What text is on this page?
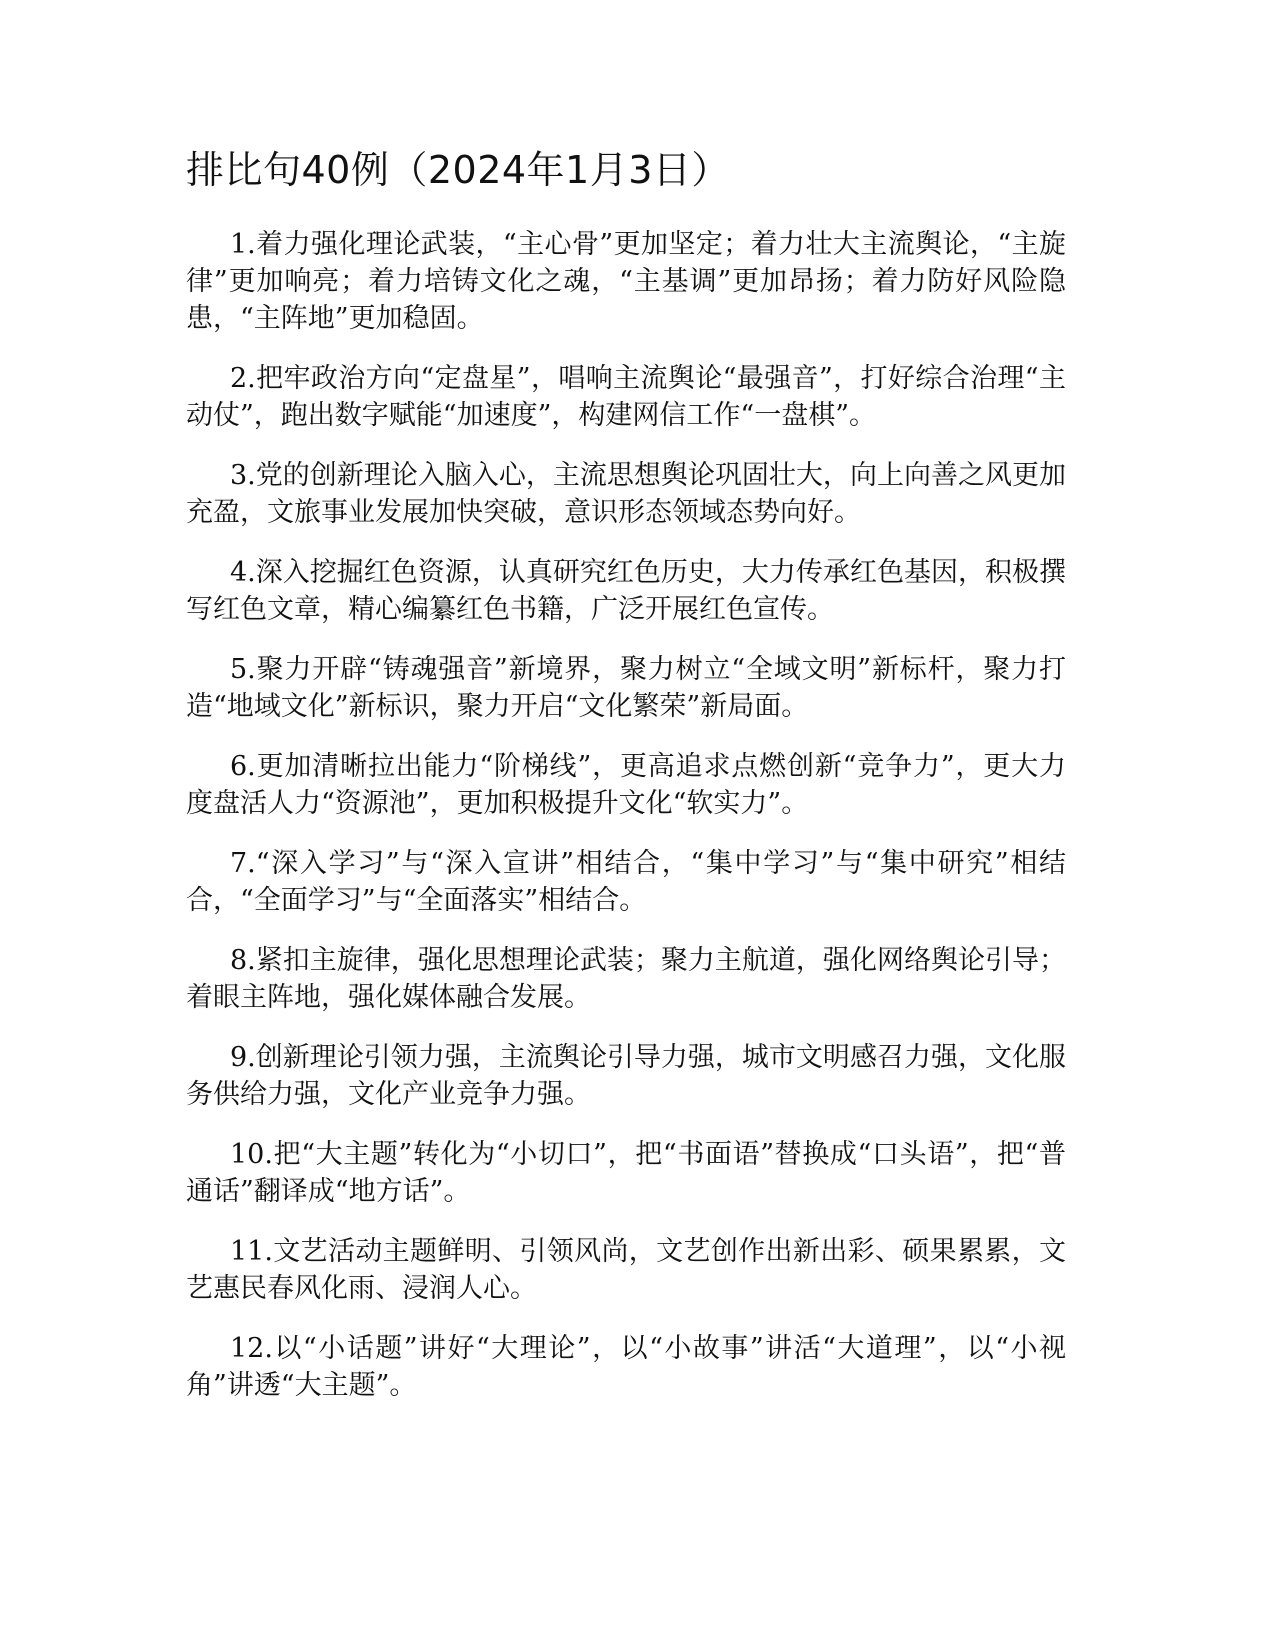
排比句40例（2024年1月3日）

1.着力强化理论武装，“主心骨”更加坚定；着力壮大主流舆论，“主旋律”更加响亮；着力培铸文化之魂，“主基调”更加昂扬；着力防好风险隐患，“主阵地”更加稳固。

2.把牢政治方向“定盘星”，唱响主流舆论“最强音”，打好综合治理“主动仗”，跑出数字赋能“加速度”，构建网信工作“一盘棋”。

3.党的创新理论入脑入心，主流思想舆论巩固壮大，向上向善之风更加充盈，文旅事业发展加快突破，意识形态领域态势向好。

4.深入挖掘红色资源，认真研究红色历史，大力传承红色基因，积极撰写红色文章，精心编纂红色书籍，广泛开展红色宣传。

5.聚力开辟“铸魂强音”新境界，聚力树立“全域文明”新标杆，聚力打造“地域文化”新标识，聚力开启“文化繁荣”新局面。

6.更加清晰拉出能力“阶梯线”，更高追求点燃创新“竞争力”，更大力度盘活人力“资源池”，更加积极提升文化“软实力”。

7.“深入学习”与“深入宣讲”相结合，“集中学习”与“集中研究”相结合，“全面学习”与“全面落实”相结合。

8.紧扣主旋律，强化思想理论武装；聚力主航道，强化网络舆论引导；着眼主阵地，强化媒体融合发展。

9.创新理论引领力强，主流舆论引导力强，城市文明感召力强，文化服务供给力强，文化产业竞争力强。

10.把“大主题”转化为“小切口”，把“书面语”替换成“口头语”，把“普通话”翻译成“地方话”。

11.文艺活动主题鲜明、引领风尚，文艺创作出新出彩、硕果累累，文艺惠民春风化雨、浸润人心。

12.以“小话题”讲好“大理论”，以“小故事”讲活“大道理”，以“小视角”讲透“大主题”。
